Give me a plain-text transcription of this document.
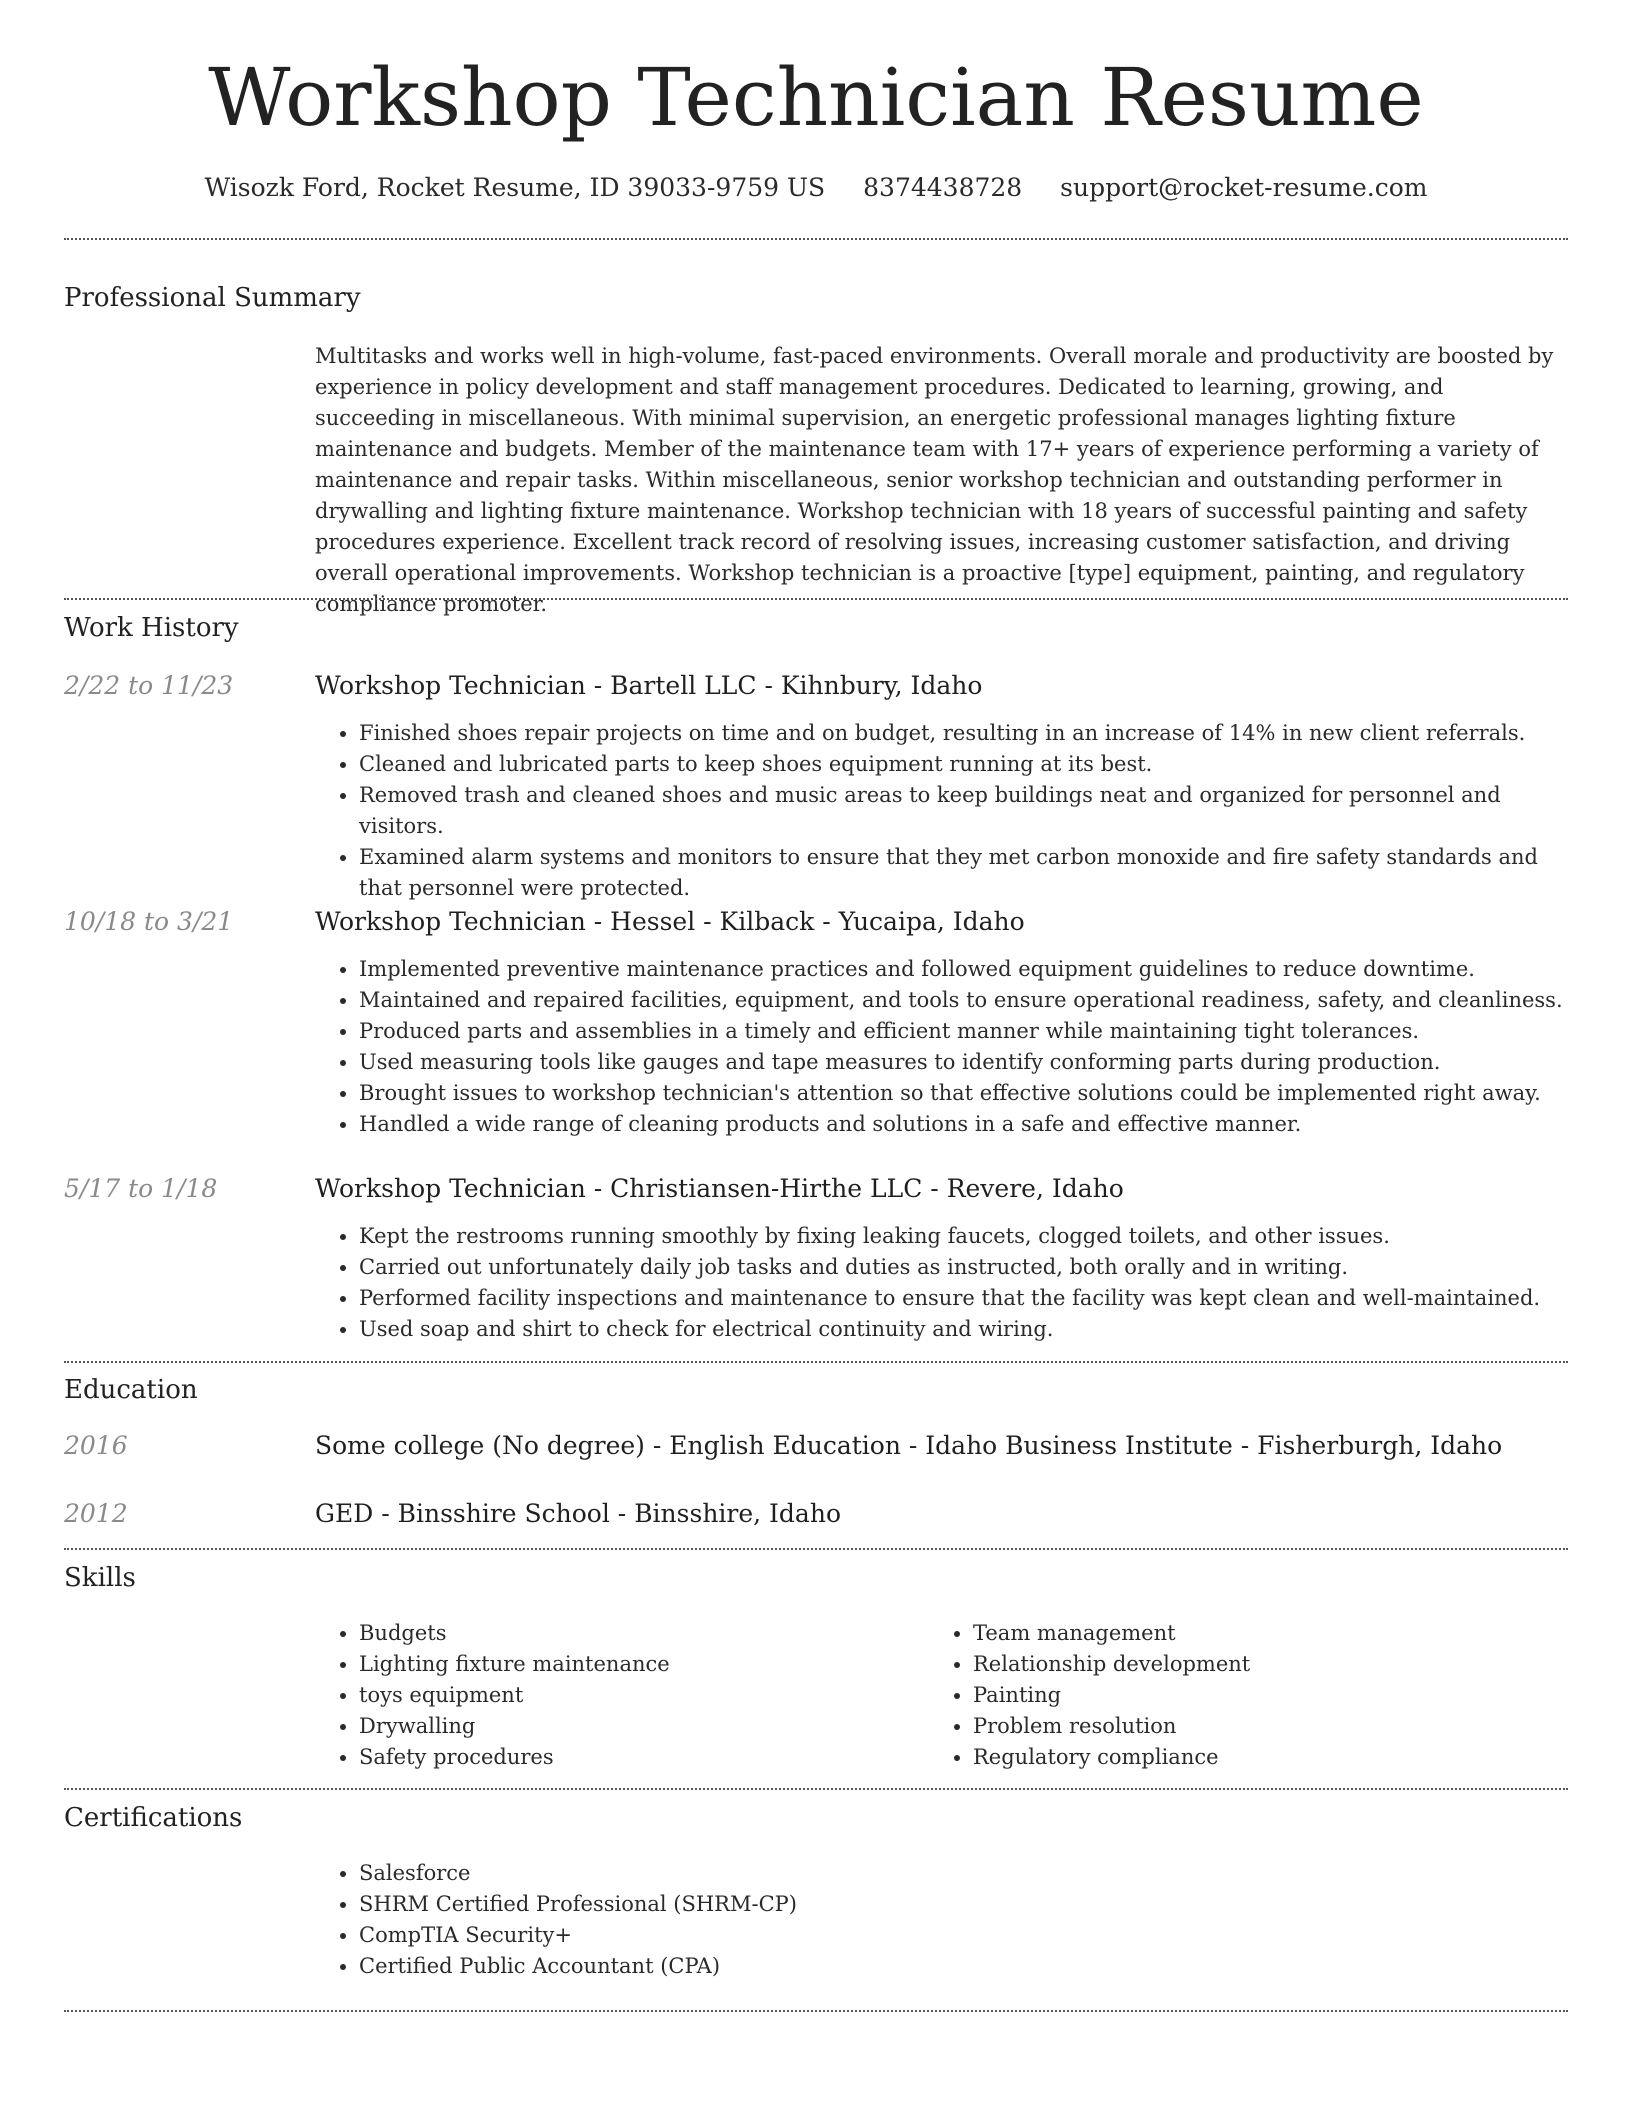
Workshop Technician Resume
Wisozk Ford, Rocket Resume, ID 39033-9759 US 8374438728 support@rocket-resume.com
Professional Summary
Multitasks and works well in high-volume, fast-paced environments. Overall morale and productivity are boosted by experience in policy development and staff management procedures. Dedicated to learning, growing, and succeeding in miscellaneous. With minimal supervision, an energetic professional manages lighting fixture maintenance and budgets. Member of the maintenance team with 17+ years of experience performing a variety of maintenance and repair tasks. Within miscellaneous, senior workshop technician and outstanding performer in drywalling and lighting fixture maintenance. Workshop technician with 18 years of successful painting and safety procedures experience. Excellent track record of resolving issues, increasing customer satisfaction, and driving overall operational improvements. Workshop technician is a proactive [type] equipment, painting, and regulatory compliance promoter.
Work History
2/22 to 11/23	Workshop Technician - Bartell LLC - Kihnbury, Idaho
• Finished shoes repair projects on time and on budget, resulting in an increase of 14% in new client referrals.
• Cleaned and lubricated parts to keep shoes equipment running at its best.
• Removed trash and cleaned shoes and music areas to keep buildings neat and organized for personnel and visitors.
• Examined alarm systems and monitors to ensure that they met carbon monoxide and fire safety standards and that personnel were protected.
10/18 to 3/21	Workshop Technician - Hessel - Kilback - Yucaipa, Idaho
• Implemented preventive maintenance practices and followed equipment guidelines to reduce downtime.
• Maintained and repaired facilities, equipment, and tools to ensure operational readiness, safety, and cleanliness.
• Produced parts and assemblies in a timely and efficient manner while maintaining tight tolerances.
• Used measuring tools like gauges and tape measures to identify conforming parts during production.
• Brought issues to workshop technician's attention so that effective solutions could be implemented right away.
• Handled a wide range of cleaning products and solutions in a safe and effective manner.
5/17 to 1/18	Workshop Technician - Christiansen-Hirthe LLC - Revere, Idaho
• Kept the restrooms running smoothly by fixing leaking faucets, clogged toilets, and other issues.
• Carried out unfortunately daily job tasks and duties as instructed, both orally and in writing.
• Performed facility inspections and maintenance to ensure that the facility was kept clean and well-maintained.
• Used soap and shirt to check for electrical continuity and wiring.
Education
2016	Some college (No degree) - English Education - Idaho Business Institute - Fisherburgh, Idaho
2012	GED - Binsshire School - Binsshire, Idaho
Skills
• Budgets
• Lighting fixture maintenance
• toys equipment
• Drywalling
• Safety procedures
• Team management
• Relationship development
• Painting
• Problem resolution
• Regulatory compliance
Certifications
• Salesforce
• SHRM Certified Professional (SHRM-CP)
• CompTIA Security+
• Certified Public Accountant (CPA)
